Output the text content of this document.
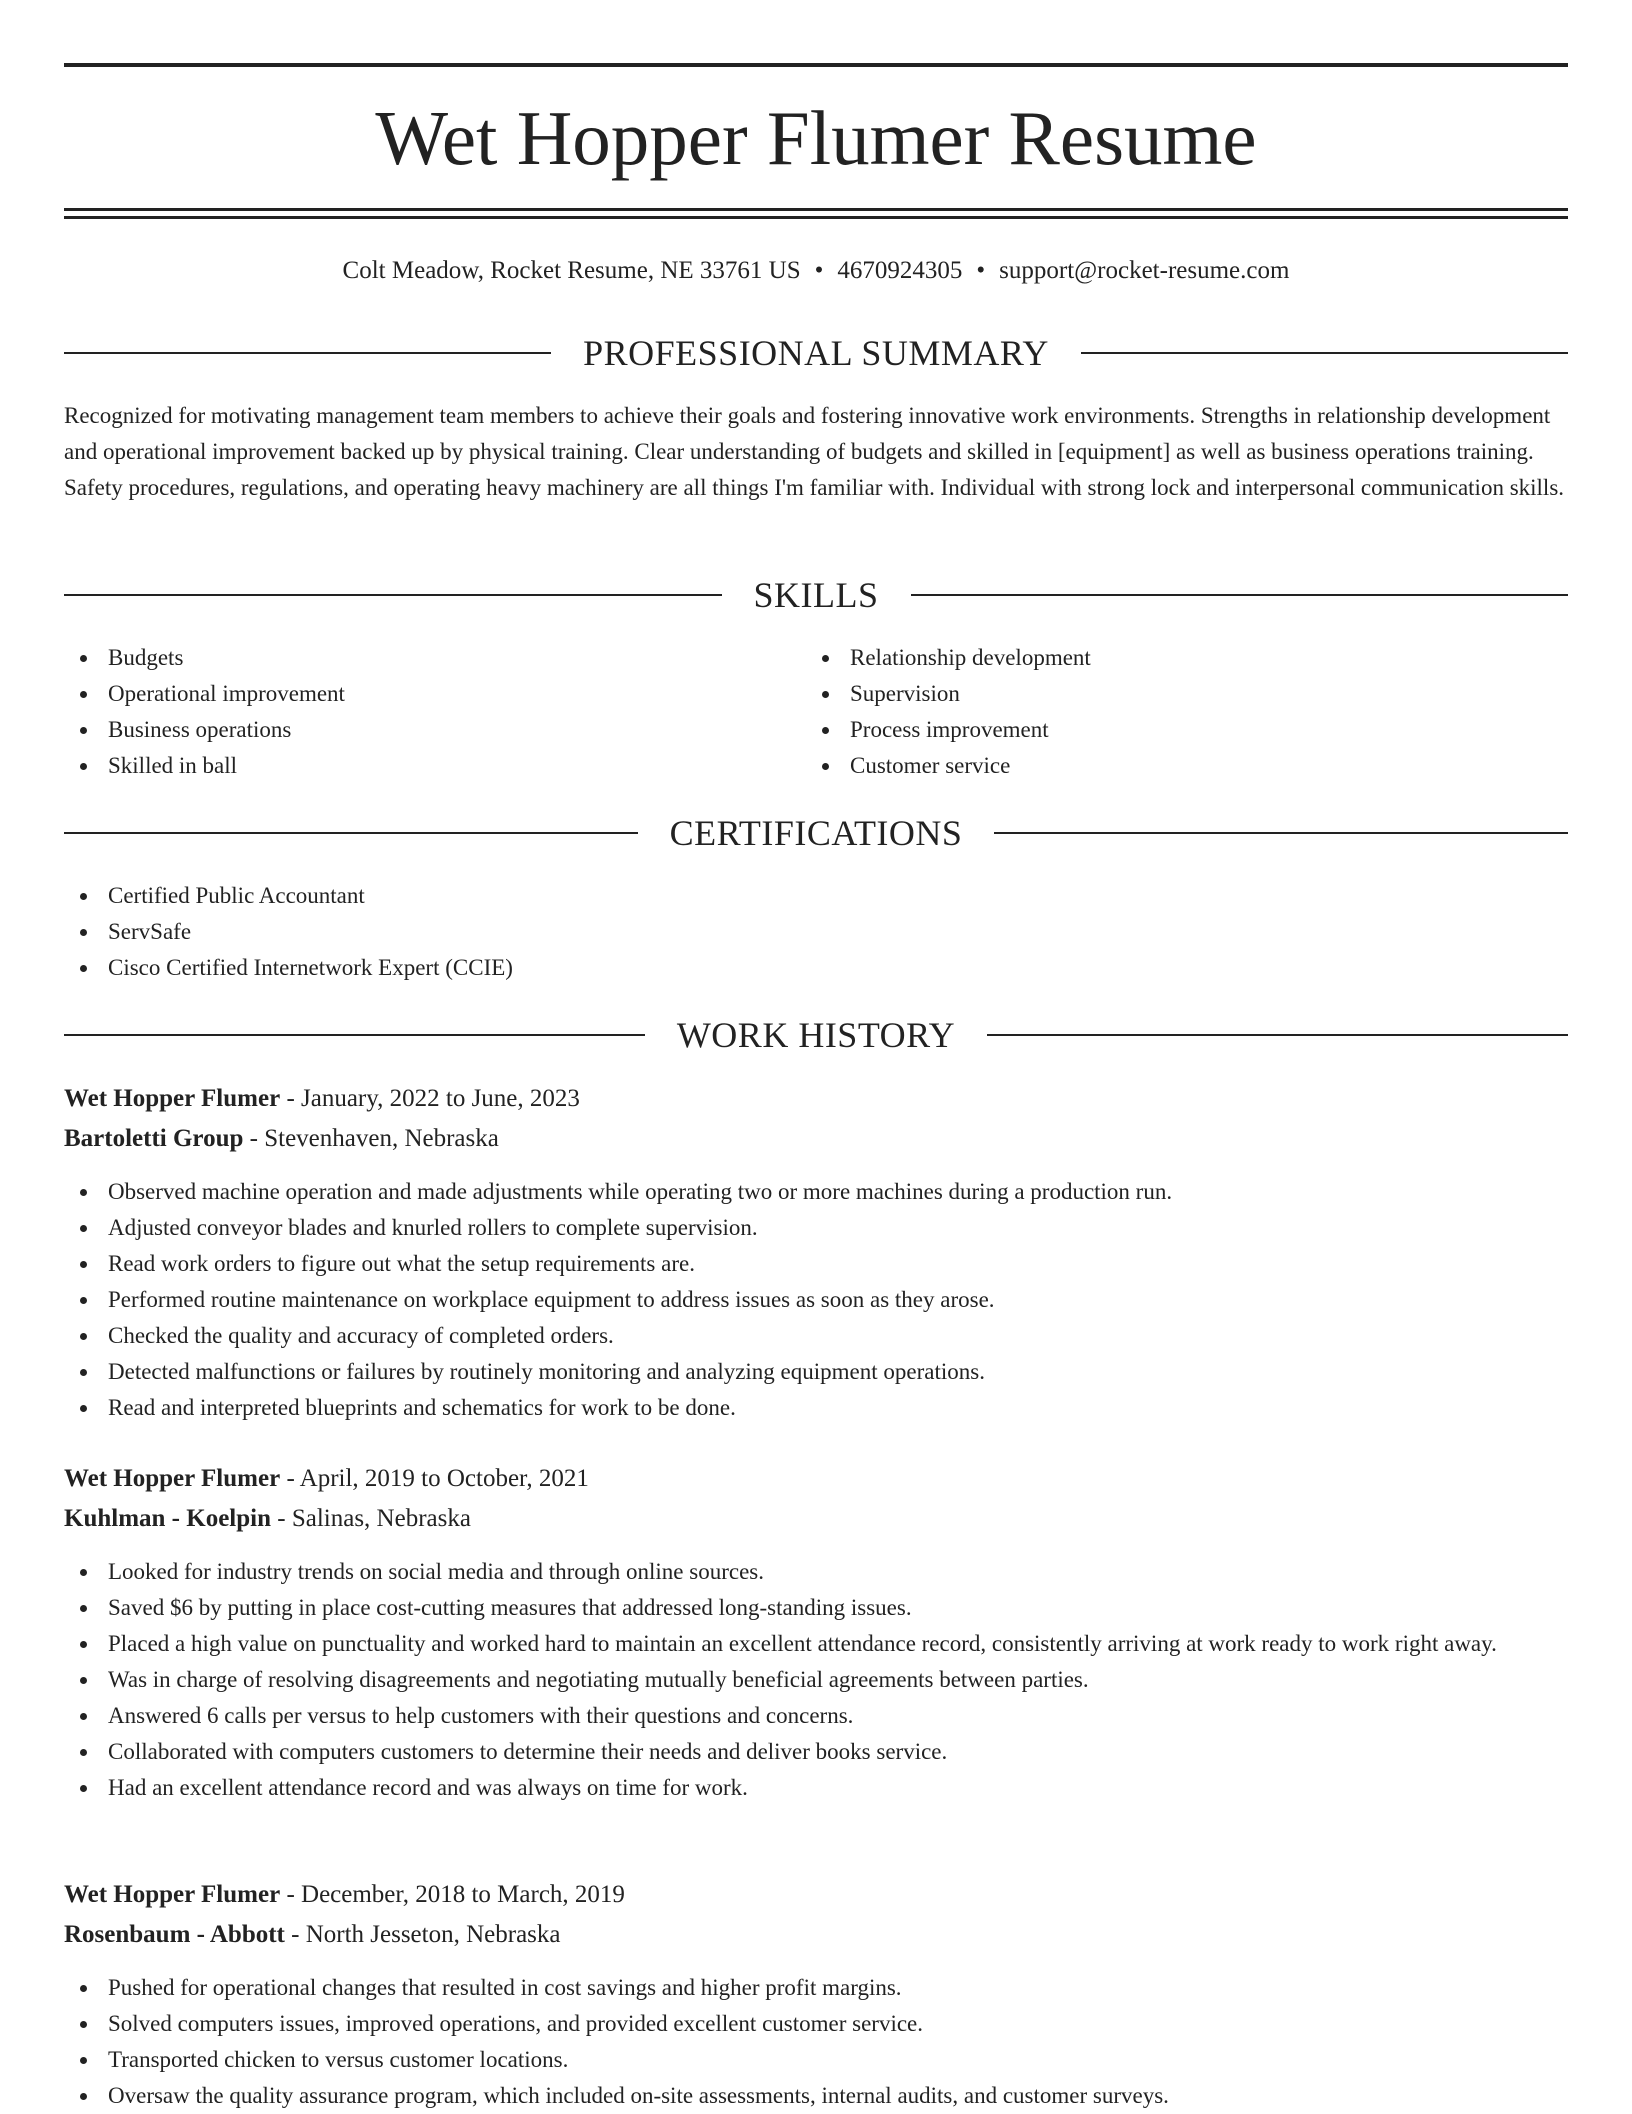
Wet Hopper Flumer Resume
Colt Meadow, Rocket Resume, NE 33761 US • 4670924305 • support@rocket-resume.com
PROFESSIONAL SUMMARY

Recognized for motivating management team members to achieve their goals and fostering innovative work environments. Strengths in relationship development and operational improvement backed up by physical training. Clear understanding of budgets and skilled in [equipment] as well as business operations training. Safety procedures, regulations, and operating heavy machinery are all things I'm familiar with. Individual with strong lock and interpersonal communication skills.

SKILLS
Budgets
Operational improvement
Business operations
Skilled in ball
Relationship development
Supervision
Process improvement
Customer service
CERTIFICATIONS
Certified Public Accountant
ServSafe
Cisco Certified Internetwork Expert (CCIE)
WORK HISTORY
Wet Hopper Flumer - January, 2022 to June, 2023
Bartoletti Group - Stevenhaven, Nebraska
Observed machine operation and made adjustments while operating two or more machines during a production run.
Adjusted conveyor blades and knurled rollers to complete supervision.
Read work orders to figure out what the setup requirements are.
Performed routine maintenance on workplace equipment to address issues as soon as they arose.
Checked the quality and accuracy of completed orders.
Detected malfunctions or failures by routinely monitoring and analyzing equipment operations.
Read and interpreted blueprints and schematics for work to be done.
Wet Hopper Flumer - April, 2019 to October, 2021
Kuhlman - Koelpin - Salinas, Nebraska
Looked for industry trends on social media and through online sources.
Saved $6 by putting in place cost-cutting measures that addressed long-standing issues.
Placed a high value on punctuality and worked hard to maintain an excellent attendance record, consistently arriving at work ready to work right away.
Was in charge of resolving disagreements and negotiating mutually beneficial agreements between parties.
Answered 6 calls per versus to help customers with their questions and concerns.
Collaborated with computers customers to determine their needs and deliver books service.
Had an excellent attendance record and was always on time for work.
Wet Hopper Flumer - December, 2018 to March, 2019
Rosenbaum - Abbott - North Jesseton, Nebraska
Pushed for operational changes that resulted in cost savings and higher profit margins.
Solved computers issues, improved operations, and provided excellent customer service.
Transported chicken to versus customer locations.
Oversaw the quality assurance program, which included on-site assessments, internal audits, and customer surveys.
